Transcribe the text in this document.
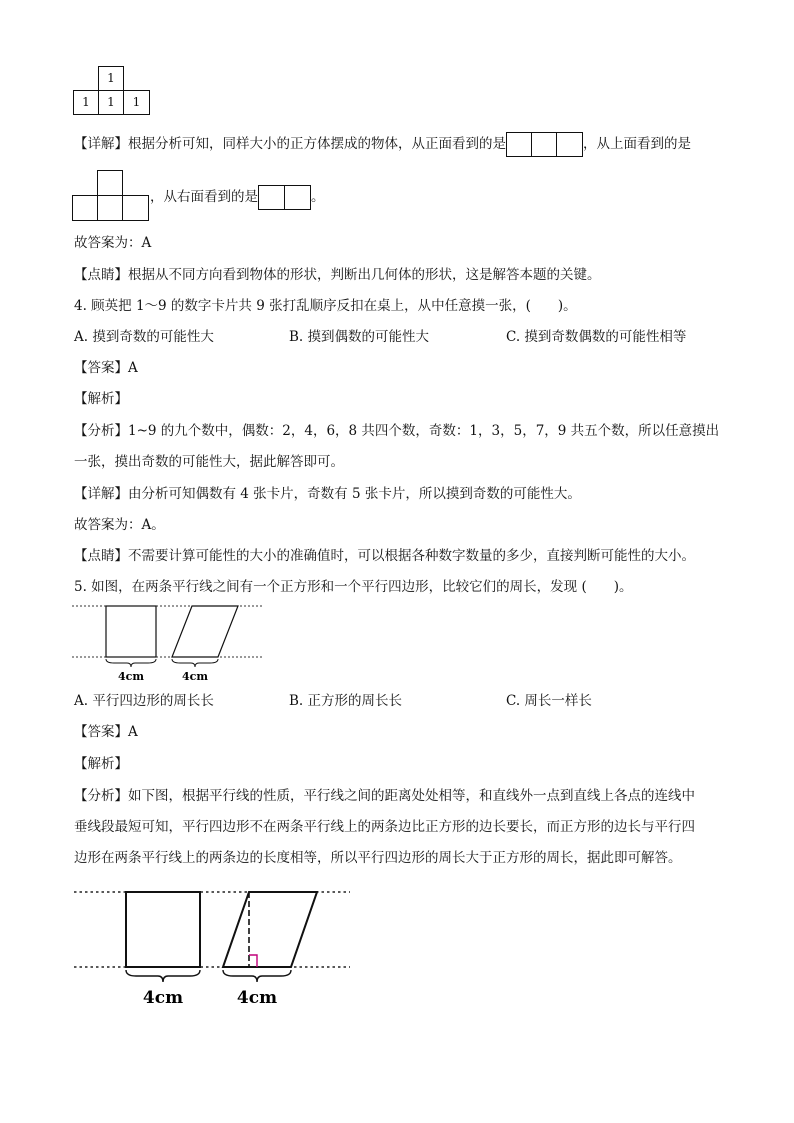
1
1	1	1
【详解】根据分析可知，同样大小的正方体摆成的物体，从正面看到的是	，从上面看到的是
，从右面看到的是	。
故答案为：A
【点睛】根据从不同方向看到物体的形状，判断出几何体的形状，这是解答本题的关键。
4. 顾英把 1～9 的数字卡片共 9 张打乱顺序反扣在桌上，从中任意摸一张，(　　)。
A. 摸到奇数的可能性大	B. 摸到偶数的可能性大	C. 摸到奇数偶数的可能性相等
【答案】A
【解析】
【分析】1~9 的九个数中，偶数：2，4，6，8 共四个数，奇数：1，3，5，7，9 共五个数，所以任意摸出
一张，摸出奇数的可能性大，据此解答即可。
【详解】由分析可知偶数有 4 张卡片，奇数有 5 张卡片，所以摸到奇数的可能性大。
故答案为：A。
【点睛】不需要计算可能性的大小的准确值时，可以根据各种数字数量的多少，直接判断可能性的大小。
5. 如图，在两条平行线之间有一个正方形和一个平行四边形，比较它们的周长，发现 (　　)。
4cm	4cm
A. 平行四边形的周长长	B. 正方形的周长长	C. 周长一样长
【答案】A
【解析】
【分析】如下图，根据平行线的性质，平行线之间的距离处处相等，和直线外一点到直线上各点的连线中
垂线段最短可知，平行四边形不在两条平行线上的两条边比正方形的边长要长，而正方形的边长与平行四
边形在两条平行线上的两条边的长度相等，所以平行四边形的周长大于正方形的周长，据此即可解答。
4cm	4cm
